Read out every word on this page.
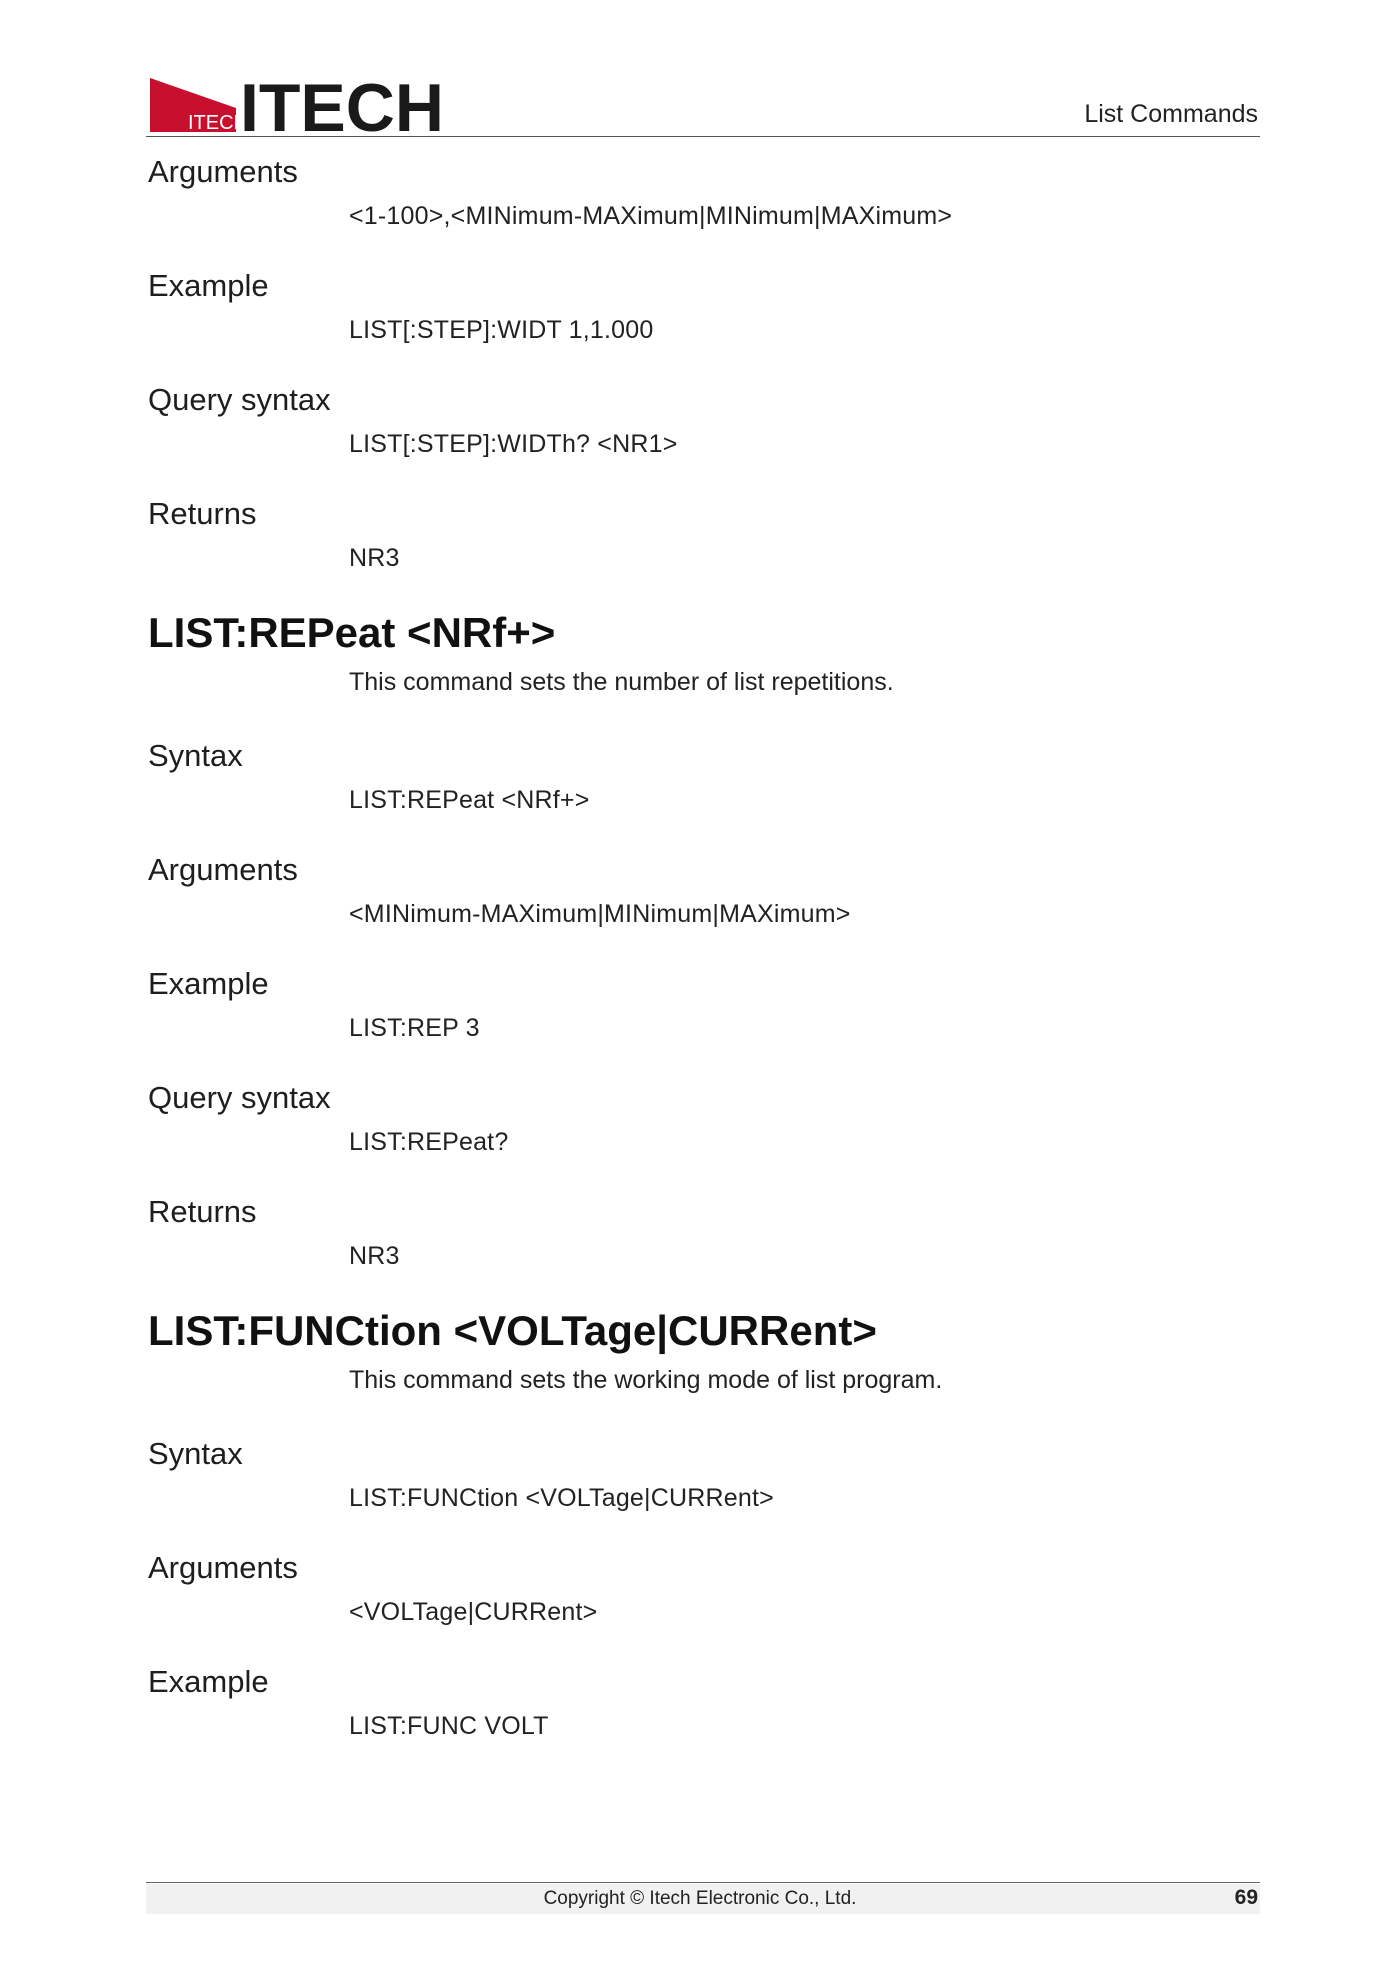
ITECH
ITECH	List Commands
Arguments
<1-100>,<MINimum-MAXimum|MINimum|MAXimum>
Example
LIST[:STEP]:WIDT 1,1.000
Query syntax
LIST[:STEP]:WIDTh? <NR1>
Returns
NR3
LIST:REPeat <NRf+>
This command sets the number of list repetitions.
Syntax
LIST:REPeat <NRf+>
Arguments
<MINimum-MAXimum|MINimum|MAXimum>
Example
LIST:REP 3
Query syntax
LIST:REPeat?
Returns
NR3
LIST:FUNCtion <VOLTage|CURRent>
This command sets the working mode of list program.
Syntax
LIST:FUNCtion <VOLTage|CURRent>
Arguments
<VOLTage|CURRent>
Example
LIST:FUNC VOLT
Copyright © Itech Electronic Co., Ltd.	69
